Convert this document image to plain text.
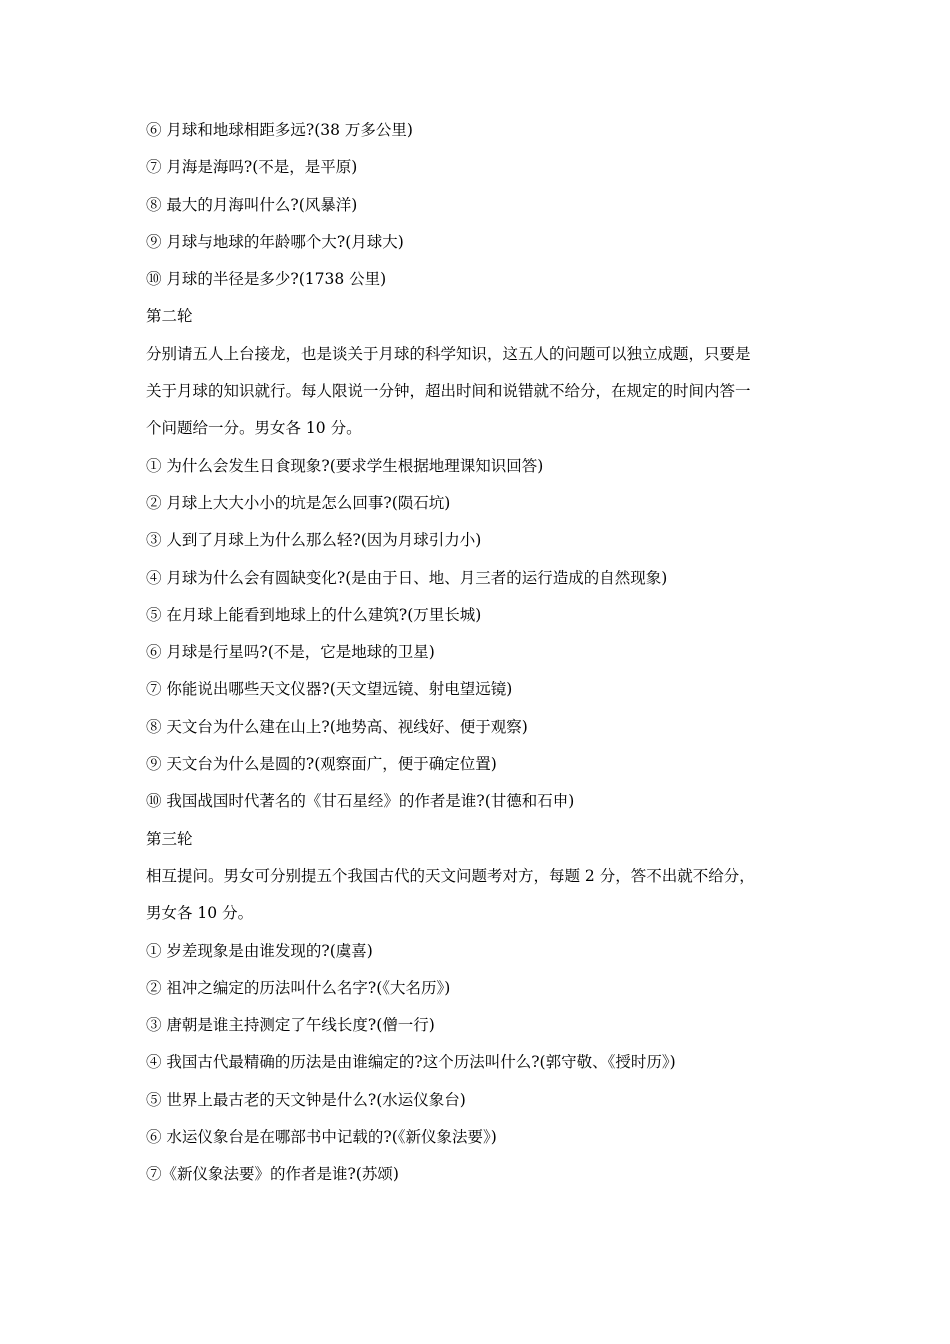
⑥ 月球和地球相距多远?(38 万多公里)
⑦ 月海是海吗?(不是，是平原)
⑧ 最大的月海叫什么?(风暴洋)
⑨ 月球与地球的年龄哪个大?(月球大)
⑩ 月球的半径是多少?(1738 公里)
第二轮
分别请五人上台接龙，也是谈关于月球的科学知识，这五人的问题可以独立成题，只要是
关于月球的知识就行。每人限说一分钟，超出时间和说错就不给分，在规定的时间内答一
个问题给一分。男女各 10 分。
① 为什么会发生日食现象?(要求学生根据地理课知识回答)
② 月球上大大小小的坑是怎么回事?(陨石坑)
③ 人到了月球上为什么那么轻?(因为月球引力小)
④ 月球为什么会有圆缺变化?(是由于日、地、月三者的运行造成的自然现象)
⑤ 在月球上能看到地球上的什么建筑?(万里长城)
⑥ 月球是行星吗?(不是，它是地球的卫星)
⑦ 你能说出哪些天文仪器?(天文望远镜、射电望远镜)
⑧ 天文台为什么建在山上?(地势高、视线好、便于观察)
⑨ 天文台为什么是圆的?(观察面广，便于确定位置)
⑩ 我国战国时代著名的《甘石星经》的作者是谁?(甘德和石申)
第三轮
相互提问。男女可分别提五个我国古代的天文问题考对方，每题 2 分，答不出就不给分，
男女各 10 分。
① 岁差现象是由谁发现的?(虞喜)
② 祖冲之编定的历法叫什么名字?(《大名历》)
③ 唐朝是谁主持测定了午线长度?(僧一行)
④ 我国古代最精确的历法是由谁编定的?这个历法叫什么?(郭守敬、《授时历》)
⑤ 世界上最古老的天文钟是什么?(水运仪象台)
⑥ 水运仪象台是在哪部书中记载的?(《新仪象法要》)
⑦《新仪象法要》的作者是谁?(苏颂)
